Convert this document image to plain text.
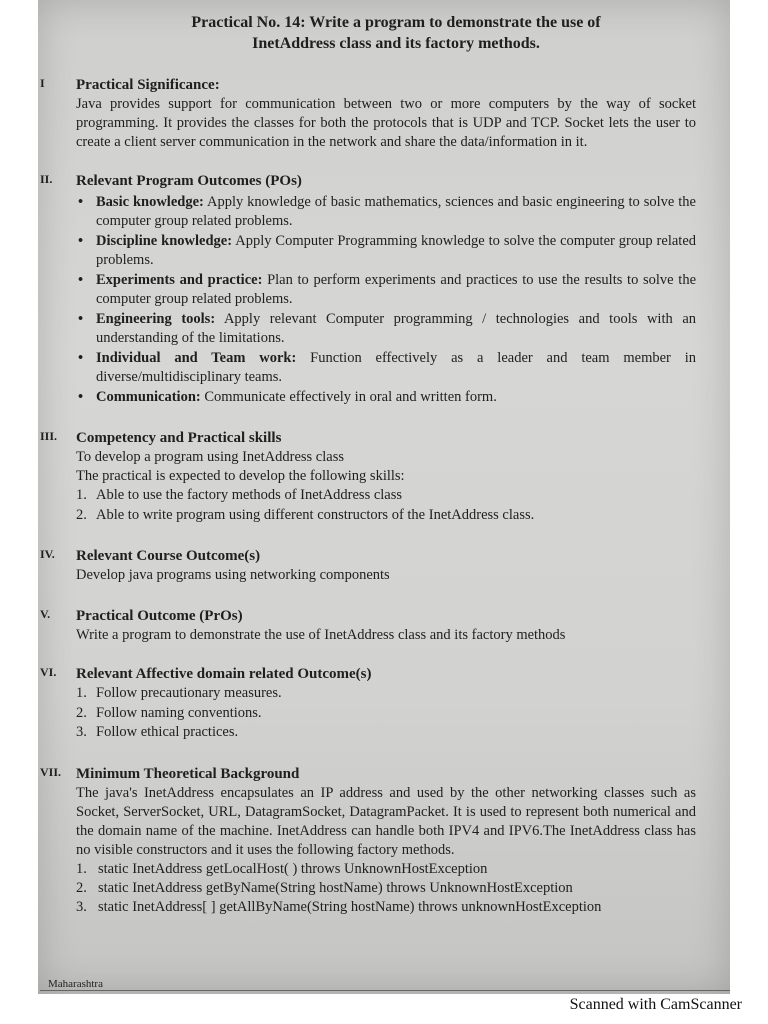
Practical No. 14: Write a program to demonstrate the use of
InetAddress class and its factory methods.
I Practical Significance:
Java provides support for communication between two or more computers by the way of socket programming. It provides the classes for both the protocols that is UDP and TCP. Socket lets the user to create a client server communication in the network and share the data/information in it.
II. Relevant Program Outcomes (POs)
• Basic knowledge: Apply knowledge of basic mathematics, sciences and basic engineering to solve the computer group related problems.
• Discipline knowledge: Apply Computer Programming knowledge to solve the computer group related problems.
• Experiments and practice: Plan to perform experiments and practices to use the results to solve the computer group related problems.
• Engineering tools: Apply relevant Computer programming / technologies and tools with an understanding of the limitations.
• Individual and Team work: Function effectively as a leader and team member in diverse/multidisciplinary teams.
• Communication: Communicate effectively in oral and written form.
III. Competency and Practical skills
To develop a program using InetAddress class
The practical is expected to develop the following skills:
1. Able to use the factory methods of InetAddress class
2. Able to write program using different constructors of the InetAddress class.
IV. Relevant Course Outcome(s)
Develop java programs using networking components
V. Practical Outcome (PrOs)
Write a program to demonstrate the use of InetAddress class and its factory methods
VI. Relevant Affective domain related Outcome(s)
1. Follow precautionary measures.
2. Follow naming conventions.
3. Follow ethical practices.
VII. Minimum Theoretical Background
The java's InetAddress encapsulates an IP address and used by the other networking classes such as Socket, ServerSocket, URL, DatagramSocket, DatagramPacket. It is used to represent both numerical and the domain name of the machine. InetAddress can handle both IPV4 and IPV6.The InetAddress class has no visible constructors and it uses the following factory methods.
1. static InetAddress getLocalHost( ) throws UnknownHostException
2. static InetAddress getByName(String hostName) throws UnknownHostException
3. static InetAddress[ ] getAllByName(String hostName) throws unknownHostException
Maharashtra
Scanned with CamScanner
